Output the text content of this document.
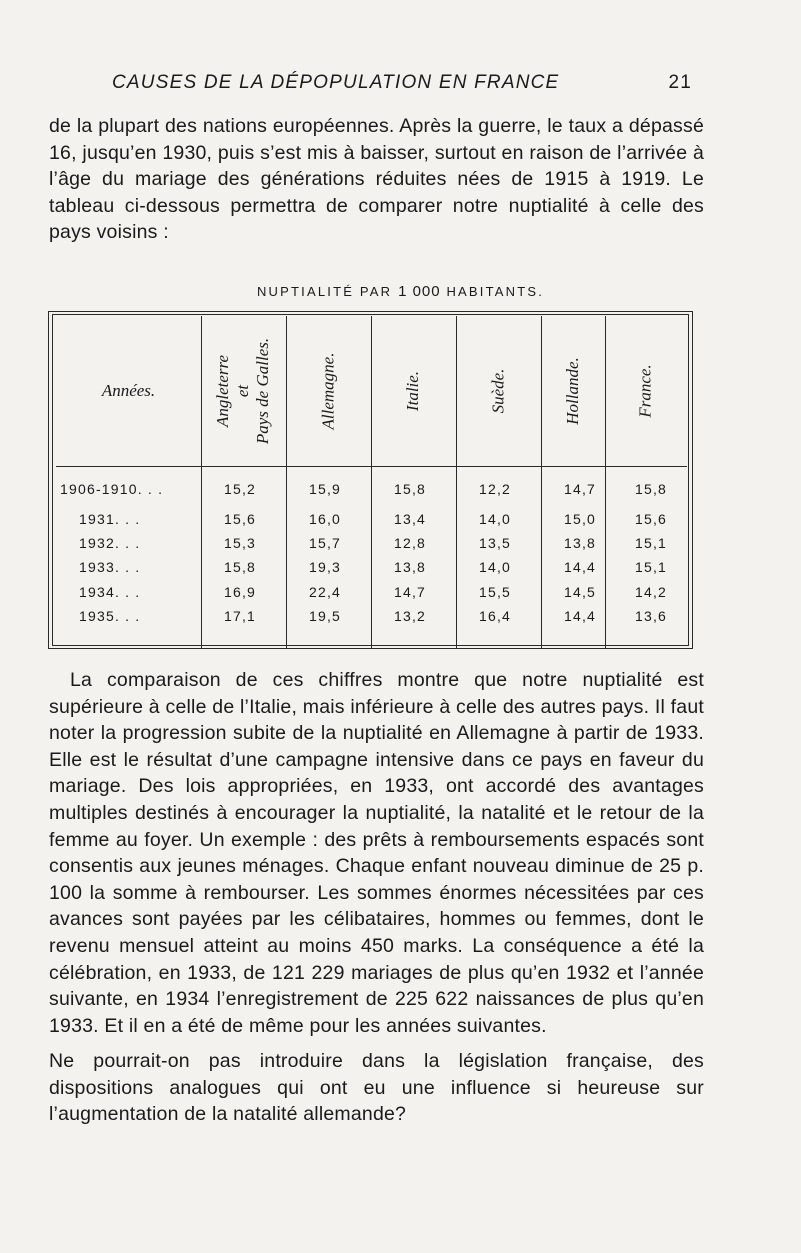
CAUSES DE LA DÉPOPULATION EN FRANCE	21

de la plupart des nations européennes. Après la guerre, le taux a dépassé 16, jusqu’en 1930, puis s’est mis à baisser, surtout en raison de l’arrivée à l’âge du mariage des générations réduites nées de 1915 à 1919. Le tableau ci-dessous permettra de comparer notre nuptialité à celle des pays voisins :

NUPTIALITÉ PAR 1 000 HABITANTS.
Années.	Angleterre et Pays de Galles.	Allemagne.	Italie.	Suède.	Hollande.	France.
1906-1910. . .	15,2	15,9	15,8	12,2	14,7	15,8
1931. . .	15,6	16,0	13,4	14,0	15,0	15,6
1932. . .	15,3	15,7	12,8	13,5	13,8	15,1
1933. . .	15,8	19,3	13,8	14,0	14,4	15,1
1934. . .	16,9	22,4	14,7	15,5	14,5	14,2
1935. . .	17,1	19,5	13,2	16,4	14,4	13,6

La comparaison de ces chiffres montre que notre nuptialité est supérieure à celle de l’Italie, mais inférieure à celle des autres pays. Il faut noter la progression subite de la nuptialité en Allemagne à partir de 1933. Elle est le résultat d’une campagne intensive dans ce pays en faveur du mariage. Des lois appropriées, en 1933, ont accordé des avantages multiples destinés à encourager la nuptialité, la natalité et le retour de la femme au foyer. Un exemple : des prêts à remboursements espacés sont consentis aux jeunes ménages. Chaque enfant nouveau diminue de 25 p. 100 la somme à rembourser. Les sommes énormes nécessitées par ces avances sont payées par les célibataires, hommes ou femmes, dont le revenu mensuel atteint au moins 450 marks. La conséquence a été la célébration, en 1933, de 121 229 mariages de plus qu’en 1932 et l’année suivante, en 1934 l’enregistrement de 225 622 naissances de plus qu’en 1933. Et il en a été de même pour les années suivantes.

Ne pourrait-on pas introduire dans la législation française, des dispositions analogues qui ont eu une influence si heureuse sur l’augmentation de la natalité allemande?
